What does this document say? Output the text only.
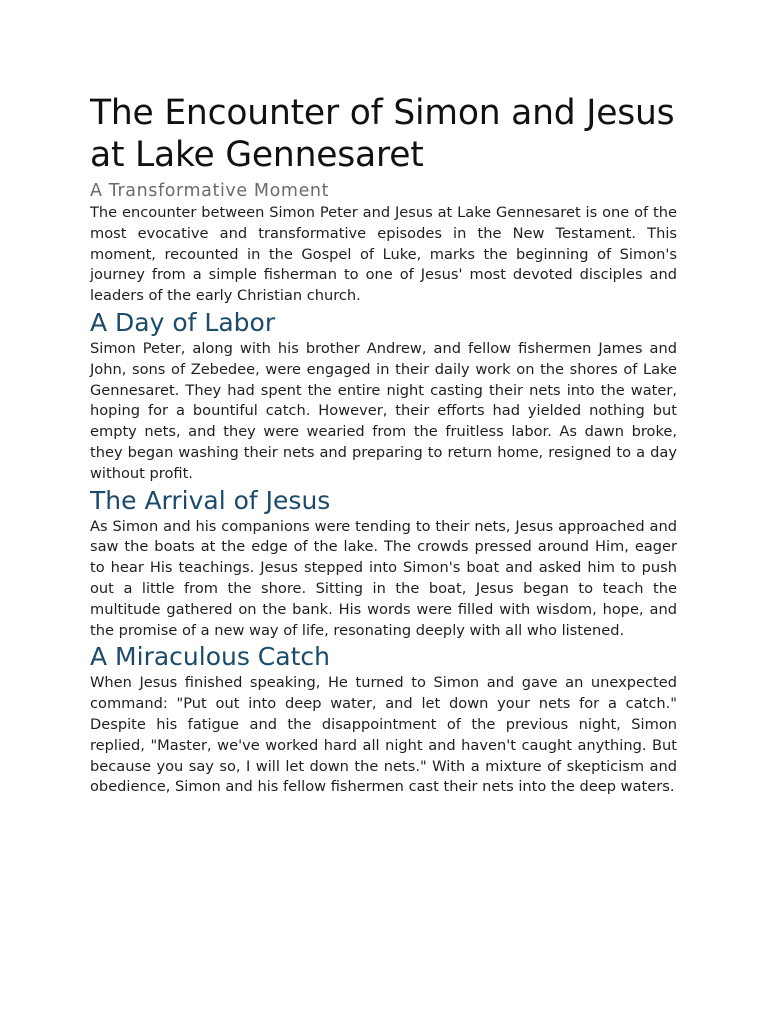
The Encounter of Simon and Jesus at Lake Gennesaret
A Transformative Moment

The encounter between Simon Peter and Jesus at Lake Gennesaret is one of the most evocative and transformative episodes in the New Testament. This moment, recounted in the Gospel of Luke, marks the beginning of Simon's journey from a simple fisherman to one of Jesus' most devoted disciples and leaders of the early Christian church.

A Day of Labor

Simon Peter, along with his brother Andrew, and fellow fishermen James and John, sons of Zebedee, were engaged in their daily work on the shores of Lake Gennesaret. They had spent the entire night casting their nets into the water, hoping for a bountiful catch. However, their efforts had yielded nothing but empty nets, and they were wearied from the fruitless labor. As dawn broke, they began washing their nets and preparing to return home, resigned to a day without profit.

The Arrival of Jesus

As Simon and his companions were tending to their nets, Jesus approached and saw the boats at the edge of the lake. The crowds pressed around Him, eager to hear His teachings. Jesus stepped into Simon's boat and asked him to push out a little from the shore. Sitting in the boat, Jesus began to teach the multitude gathered on the bank. His words were filled with wisdom, hope, and the promise of a new way of life, resonating deeply with all who listened.

A Miraculous Catch

When Jesus finished speaking, He turned to Simon and gave an unexpected command: "Put out into deep water, and let down your nets for a catch." Despite his fatigue and the disappointment of the previous night, Simon replied, "Master, we've worked hard all night and haven't caught anything. But because you say so, I will let down the nets." With a mixture of skepticism and obedience, Simon and his fellow fishermen cast their nets into the deep waters.
